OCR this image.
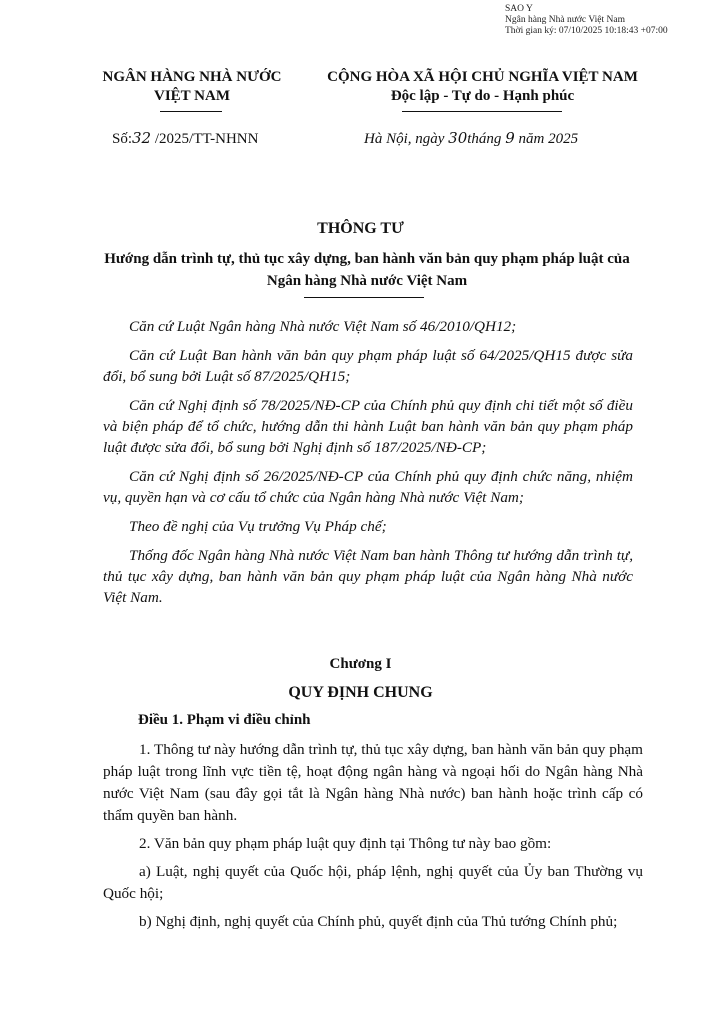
SAO Y
Ngân hàng Nhà nước Việt Nam
Thời gian ký: 07/10/2025 10:18:43 +07:00
NGÂN HÀNG NHÀ NƯỚC
VIỆT NAM
CỘNG HÒA XÃ HỘI CHỦ NGHĨA VIỆT NAM
Độc lập - Tự do - Hạnh phúc
Số:32 /2025/TT-NHNN	Hà Nội, ngày 30tháng 9 năm 2025
THÔNG TƯ
Hướng dẫn trình tự, thủ tục xây dựng, ban hành văn bản quy phạm pháp luật của Ngân hàng Nhà nước Việt Nam

Căn cứ Luật Ngân hàng Nhà nước Việt Nam số 46/2010/QH12;

Căn cứ Luật Ban hành văn bản quy phạm pháp luật số 64/2025/QH15 được sửa đổi, bổ sung bởi Luật số 87/2025/QH15;

Căn cứ Nghị định số 78/2025/NĐ-CP của Chính phủ quy định chi tiết một số điều và biện pháp để tổ chức, hướng dẫn thi hành Luật ban hành văn bản quy phạm pháp luật được sửa đổi, bổ sung bởi Nghị định số 187/2025/NĐ-CP;

Căn cứ Nghị định số 26/2025/NĐ-CP của Chính phủ quy định chức năng, nhiệm vụ, quyền hạn và cơ cấu tổ chức của Ngân hàng Nhà nước Việt Nam;

Theo đề nghị của Vụ trưởng Vụ Pháp chế;

Thống đốc Ngân hàng Nhà nước Việt Nam ban hành Thông tư hướng dẫn trình tự, thủ tục xây dựng, ban hành văn bản quy phạm pháp luật của Ngân hàng Nhà nước Việt Nam.

Chương I
QUY ĐỊNH CHUNG
Điều 1. Phạm vi điều chỉnh

1. Thông tư này hướng dẫn trình tự, thủ tục xây dựng, ban hành văn bản quy phạm pháp luật trong lĩnh vực tiền tệ, hoạt động ngân hàng và ngoại hối do Ngân hàng Nhà nước Việt Nam (sau đây gọi tắt là Ngân hàng Nhà nước) ban hành hoặc trình cấp có thẩm quyền ban hành.

2. Văn bản quy phạm pháp luật quy định tại Thông tư này bao gồm:

a) Luật, nghị quyết của Quốc hội, pháp lệnh, nghị quyết của Ủy ban Thường vụ Quốc hội;

b) Nghị định, nghị quyết của Chính phủ, quyết định của Thủ tướng Chính phủ;
